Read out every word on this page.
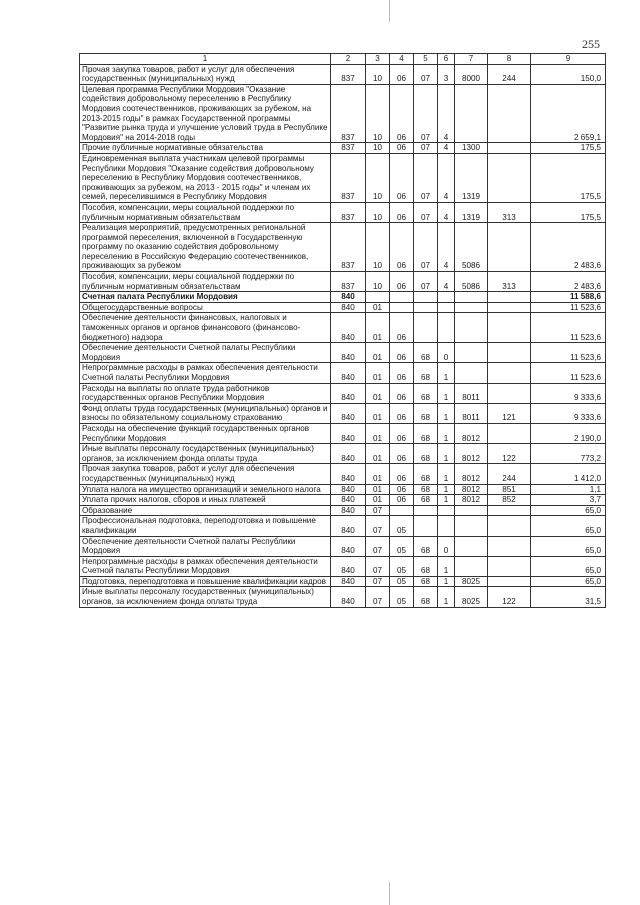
255
1	2	3	4	5	6	7	8	9
Прочая закупка товаров, работ и услуг для обеспечения государственных (муниципальных) нужд	837	10	06	07	3	8000	244	150,0
Целевая программа Республики Мордовия "Оказание содействия добровольному переселению в Республику Мордовия соотечественников, проживающих за рубежом, на 2013-2015 годы" в рамках Государственной программы "Развитие рынка труда и улучшение условий труда в Республике Мордовия" на 2014-2018 годы	837	10	06	07	4			2 659,1
Прочие публичные нормативные обязательства	837	10	06	07	4	1300		175,5
Единовременная выплата участникам целевой программы Республики Мордовия "Оказание содействия добровольному переселению в Республику Мордовия соотечественников, проживающих за рубежом, на 2013 - 2015 годы" и членам их семей, переселившимся в Республику Мордовия	837	10	06	07	4	1319		175,5
Пособия, компенсации, меры социальной поддержки по публичным нормативным обязательствам	837	10	06	07	4	1319	313	175,5
Реализация мероприятий, предусмотренных региональной программой переселения, включенной в Государственную программу по оказанию содействия добровольному переселению в Российскую Федерацию соотечественников, проживающих за рубежом	837	10	06	07	4	5086		2 483,6
Пособия, компенсации, меры социальной поддержки по публичным нормативным обязательствам	837	10	06	07	4	5086	313	2 483,6
Счетная палата Республики Мордовия	840							11 588,6
Общегосударственные вопросы	840	01						11 523,6
Обеспечение деятельности финансовых, налоговых и таможенных органов и органов финансового (финансово-бюджетного) надзора	840	01	06					11 523,6
Обеспечение деятельности Счетной палаты Республики Мордовия	840	01	06	68	0			11 523,6
Непрограммные расходы в рамках обеспечения деятельности Счетной палаты Республики Мордовия	840	01	06	68	1			11 523,6
Расходы на выплаты по оплате труда работников государственных органов Республики Мордовия	840	01	06	68	1	8011		9 333,6
Фонд оплаты труда государственных (муниципальных) органов и взносы по обязательному социальному страхованию	840	01	06	68	1	8011	121	9 333,6
Расходы на обеспечение функций государственных органов Республики Мордовия	840	01	06	68	1	8012		2 190,0
Иные выплаты персоналу государственных (муниципальных) органов, за исключением фонда оплаты труда	840	01	06	68	1	8012	122	773,2
Прочая закупка товаров, работ и услуг для обеспечения государственных (муниципальных) нужд	840	01	06	68	1	8012	244	1 412,0
Уплата налога на имущество организаций и земельного налога	840	01	06	68	1	8012	851	1,1
Уплата прочих налогов, сборов и иных платежей	840	01	06	68	1	8012	852	3,7
Образование	840	07						65,0
Профессиональная подготовка, переподготовка и повышение квалификации	840	07	05					65,0
Обеспечение деятельности Счетной палаты Республики Мордовия	840	07	05	68	0			65,0
Непрограммные расходы в рамках обеспечения деятельности Счетной палаты Республики Мордовия	840	07	05	68	1			65,0
Подготовка, переподготовка и повышение квалификации кадров	840	07	05	68	1	8025		65,0
Иные выплаты персоналу государственных (муниципальных) органов, за исключением фонда оплаты труда	840	07	05	68	1	8025	122	31,5
